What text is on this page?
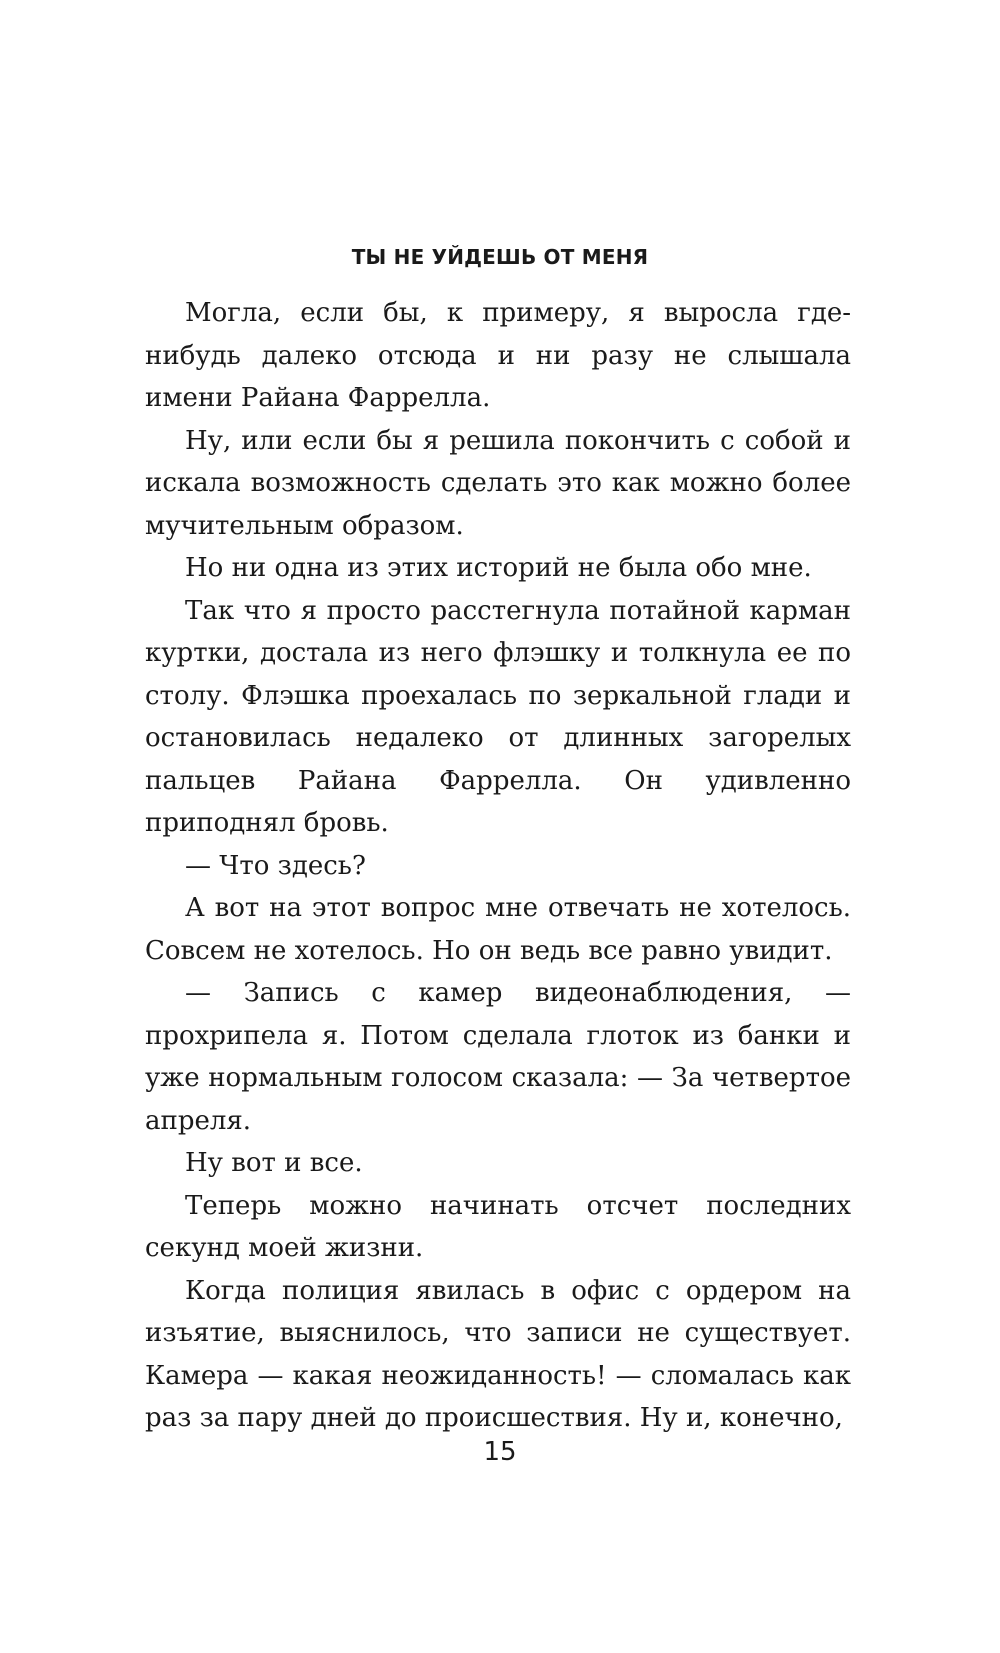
ТЫ НЕ УЙДЕШЬ ОТ МЕНЯ

Могла, если бы, к примеру, я выросла где-нибудь далеко отсюда и ни разу не слышала имени Райана Фаррелла.

Ну, или если бы я решила покончить с собой и искала возможность сделать это как можно более мучительным образом.

Но ни одна из этих историй не была обо мне.

Так что я просто расстегнула потайной карман куртки, достала из него флэшку и толкнула ее по столу. Флэшка проехалась по зеркальной глади и остановилась недалеко от длинных загорелых пальцев Райана Фаррелла. Он удивленно приподнял бровь.

— Что здесь?

А вот на этот вопрос мне отвечать не хотелось. Совсем не хотелось. Но он ведь все равно увидит.

— Запись с камер видеонаблюдения, — прохрипела я. Потом сделала глоток из банки и уже нормальным голосом сказала: — За четвертое апреля.

Ну вот и все.

Теперь можно начинать отсчет последних секунд моей жизни.

Когда полиция явилась в офис с ордером на изъятие, выяснилось, что записи не существует. Камера — какая неожиданность! — сломалась как раз за пару дней до происшествия. Ну и, конечно,

15
